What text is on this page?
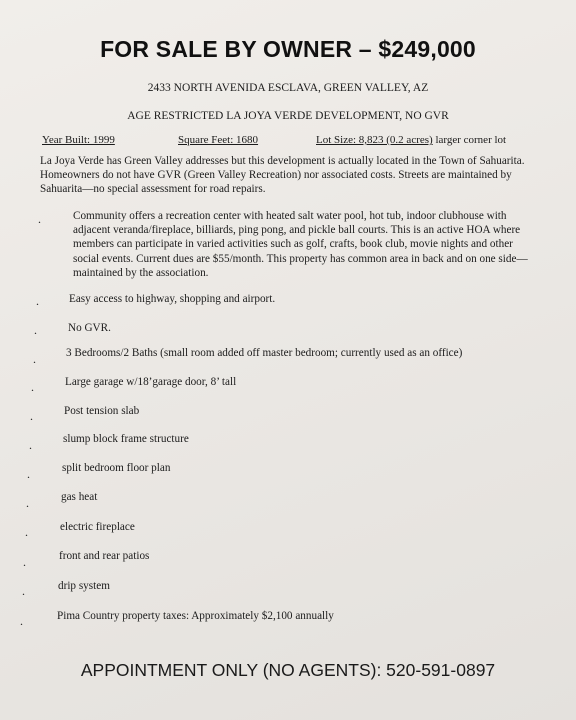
FOR SALE BY OWNER – $249,000
2433 NORTH AVENIDA ESCLAVA, GREEN VALLEY, AZ
AGE RESTRICTED LA JOYA VERDE DEVELOPMENT, NO GVR
Year Built: 1999	Square Feet: 1680	Lot Size: 8,823 (0.2 acres) larger corner lot
La Joya Verde has Green Valley addresses but this development is actually located in the Town of Sahuarita. Homeowners do not have GVR (Green Valley Recreation) nor associated costs. Streets are maintained by Sahuarita—no special assessment for road repairs.
.	Community offers a recreation center with heated salt water pool, hot tub, indoor clubhouse with adjacent veranda/fireplace, billiards, ping pong, and pickle ball courts. This is an active HOA where members can participate in varied activities such as golf, crafts, book club, movie nights and other social events. Current dues are $55/month. This property has common area in back and on one side—maintained by the association.
.	Easy access to highway, shopping and airport.
.	No GVR.
.	3 Bedrooms/2 Baths (small room added off master bedroom; currently used as an office)
.	Large garage w/18’garage door, 8’ tall
.	Post tension slab
.	slump block frame structure
.	split bedroom floor plan
.	gas heat
.	electric fireplace
.	front and rear patios
.	drip system
.	Pima Country property taxes: Approximately $2,100 annually
APPOINTMENT ONLY (NO AGENTS): 520-591-0897
